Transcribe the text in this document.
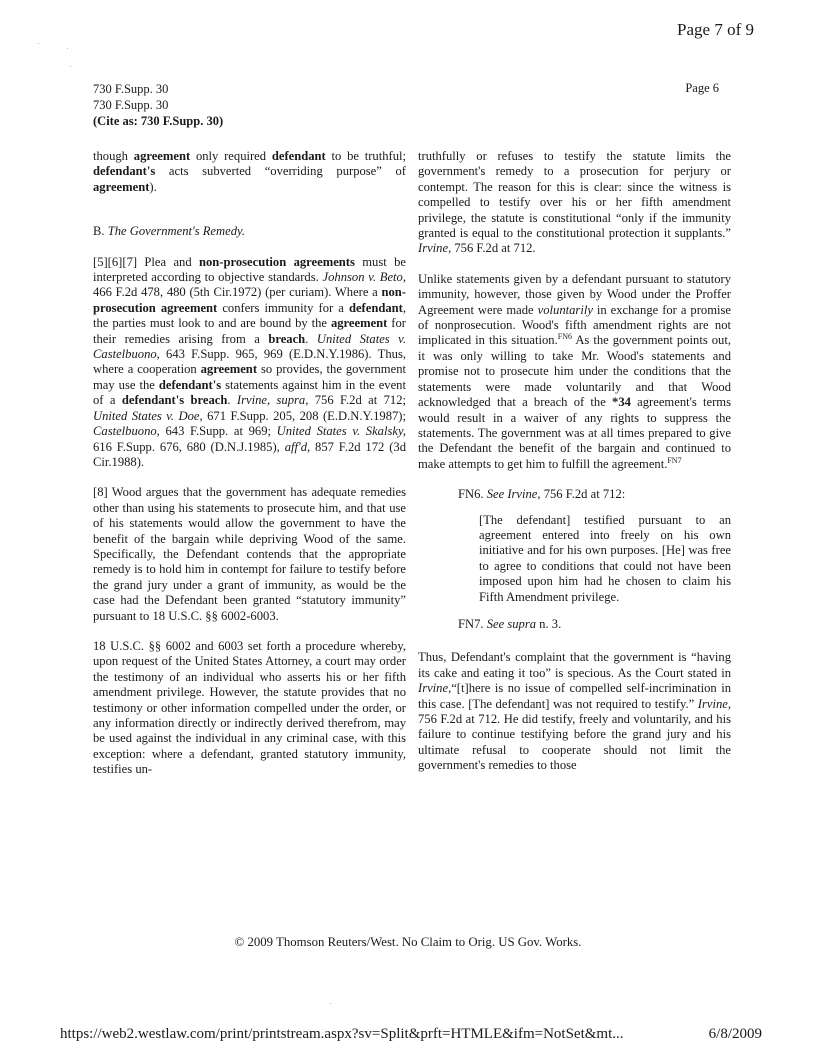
Page 7 of 9
730 F.Supp. 30
730 F.Supp. 30
(Cite as: 730 F.Supp. 30)
Page 6

though agreement only required defendant to be truthful; defendant's acts subverted “overriding purpose” of agreement).

B. The Government's Remedy.

[5][6][7] Plea and non-prosecution agreements must be interpreted according to objective standards. Johnson v. Beto, 466 F.2d 478, 480 (5th Cir.1972) (per curiam). Where a non-prosecution agreement confers immunity for a defendant, the parties must look to and are bound by the agreement for their remedies arising from a breach. United States v. Castelbuono, 643 F.Supp. 965, 969 (E.D.N.Y.1986). Thus, where a cooperation agreement so provides, the government may use the defendant's statements against him in the event of a defendant's breach. Irvine, supra, 756 F.2d at 712; United States v. Doe, 671 F.Supp. 205, 208 (E.D.N.Y.1987); Castelbuono, 643 F.Supp. at 969; United States v. Skalsky, 616 F.Supp. 676, 680 (D.N.J.1985), aff'd, 857 F.2d 172 (3d Cir.1988).

[8] Wood argues that the government has adequate remedies other than using his statements to prosecute him, and that use of his statements would allow the government to have the benefit of the bargain while depriving Wood of the same. Specifically, the Defendant contends that the appropriate remedy is to hold him in contempt for failure to testify before the grand jury under a grant of immunity, as would be the case had the Defendant been granted “statutory immunity” pursuant to 18 U.S.C. §§ 6002-6003.

18 U.S.C. §§ 6002 and 6003 set forth a procedure whereby, upon request of the United States Attorney, a court may order the testimony of an individual who asserts his or her fifth amendment privilege. However, the statute provides that no testimony or other information compelled under the order, or any information directly or indirectly derived therefrom, may be used against the individual in any criminal case, with this exception: where a defendant, granted statutory immunity, testifies un-

truthfully or refuses to testify the statute limits the government's remedy to a prosecution for perjury or contempt. The reason for this is clear: since the witness is compelled to testify over his or her fifth amendment privilege, the statute is constitutional “only if the immunity granted is equal to the constitutional protection it supplants.” Irvine, 756 F.2d at 712.

Unlike statements given by a defendant pursuant to statutory immunity, however, those given by Wood under the Proffer Agreement were made voluntarily in exchange for a promise of nonprosecution. Wood's fifth amendment rights are not implicated in this situation.$^{FN6}$ As the government points out, it was only willing to take Mr. Wood's statements and promise not to prosecute him under the conditions that the statements were made voluntarily and that Wood acknowledged that a breach of the *34 agreement's terms would result in a waiver of any rights to suppress the statements. The government was at all times prepared to give the Defendant the benefit of the bargain and continued to make attempts to get him to fulfill the agreement.$^{FN7}$

FN6. See Irvine, 756 F.2d at 712:
[The defendant] testified pursuant to an agreement entered into freely on his own initiative and for his own purposes. [He] was free to agree to conditions that could not have been imposed upon him had he chosen to claim his Fifth Amendment privilege.
FN7. See supra n. 3.

Thus, Defendant's complaint that the government is “having its cake and eating it too” is specious. As the Court stated in Irvine,“[t]here is no issue of compelled self-incrimination in this case. [The defendant] was not required to testify.” Irvine, 756 F.2d at 712. He did testify, freely and voluntarily, and his failure to continue testifying before the grand jury and his ultimate refusal to cooperate should not limit the government's remedies to those

© 2009 Thomson Reuters/West. No Claim to Orig. US Gov. Works.
https://web2.westlaw.com/print/printstream.aspx?sv=Split&prft=HTMLE&ifm=NotSet&mt...	6/8/2009
